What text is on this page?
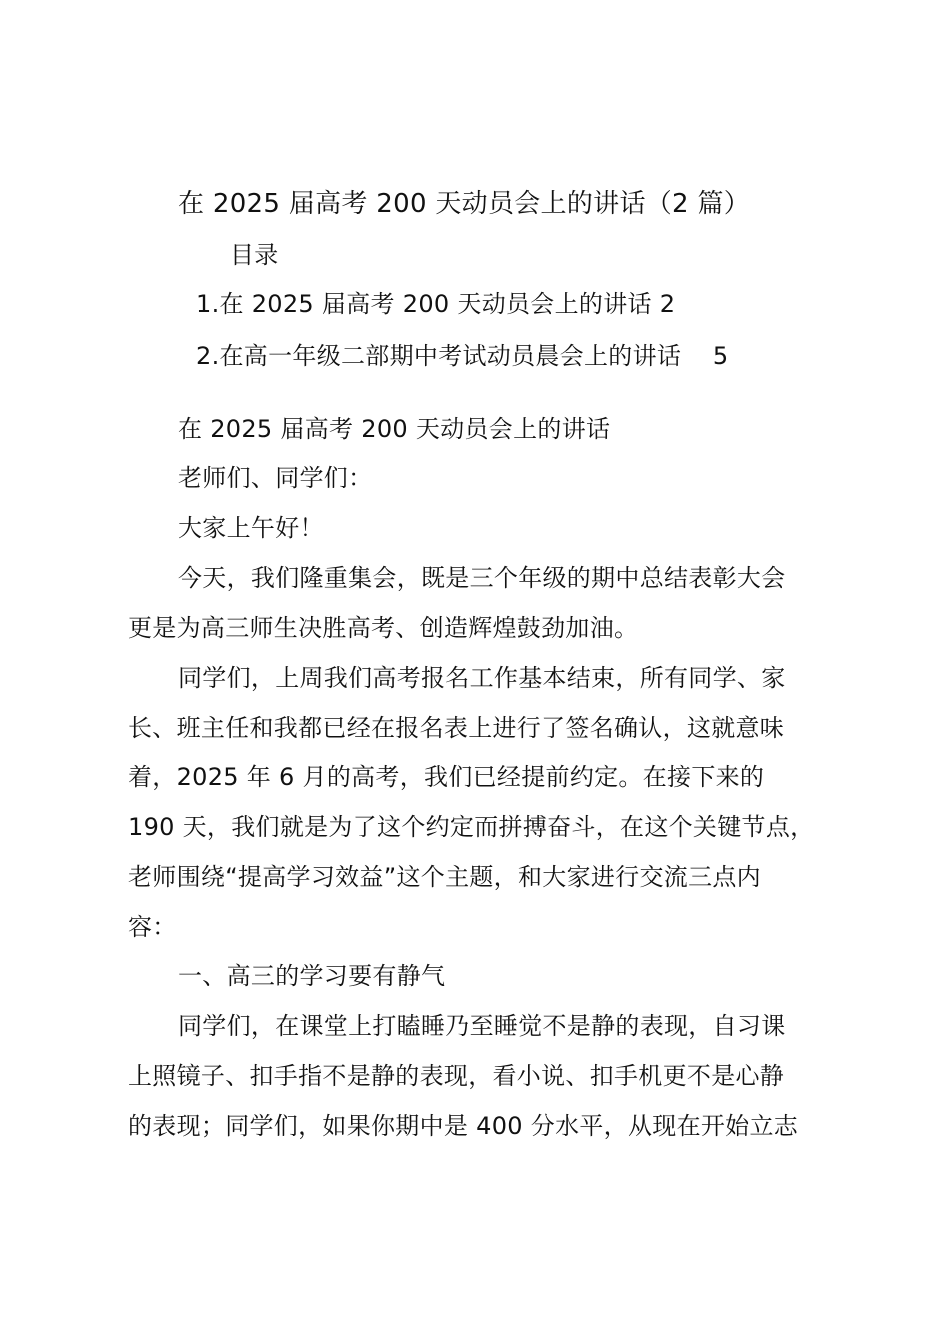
在 2025 届高考 200 天动员会上的讲话（2 篇）
目录
1.在 2025 届高考 200 天动员会上的讲话 2
2.在高一年级二部期中考试动员晨会上的讲话    5
在 2025 届高考 200 天动员会上的讲话
老师们、同学们：
大家上午好！
今天，我们隆重集会，既是三个年级的期中总结表彰大会
更是为高三师生决胜高考、创造辉煌鼓劲加油。
同学们，上周我们高考报名工作基本结束，所有同学、家
长、班主任和我都已经在报名表上进行了签名确认，这就意味
着，2025 年 6 月的高考，我们已经提前约定。在接下来的
190 天，我们就是为了这个约定而拼搏奋斗，在这个关键节点，
老师围绕“提高学习效益”这个主题，和大家进行交流三点内
容：
一、高三的学习要有静气
同学们，在课堂上打瞌睡乃至睡觉不是静的表现，自习课
上照镜子、扣手指不是静的表现，看小说、扣手机更不是心静
的表现；同学们，如果你期中是 400 分水平，从现在开始立志
